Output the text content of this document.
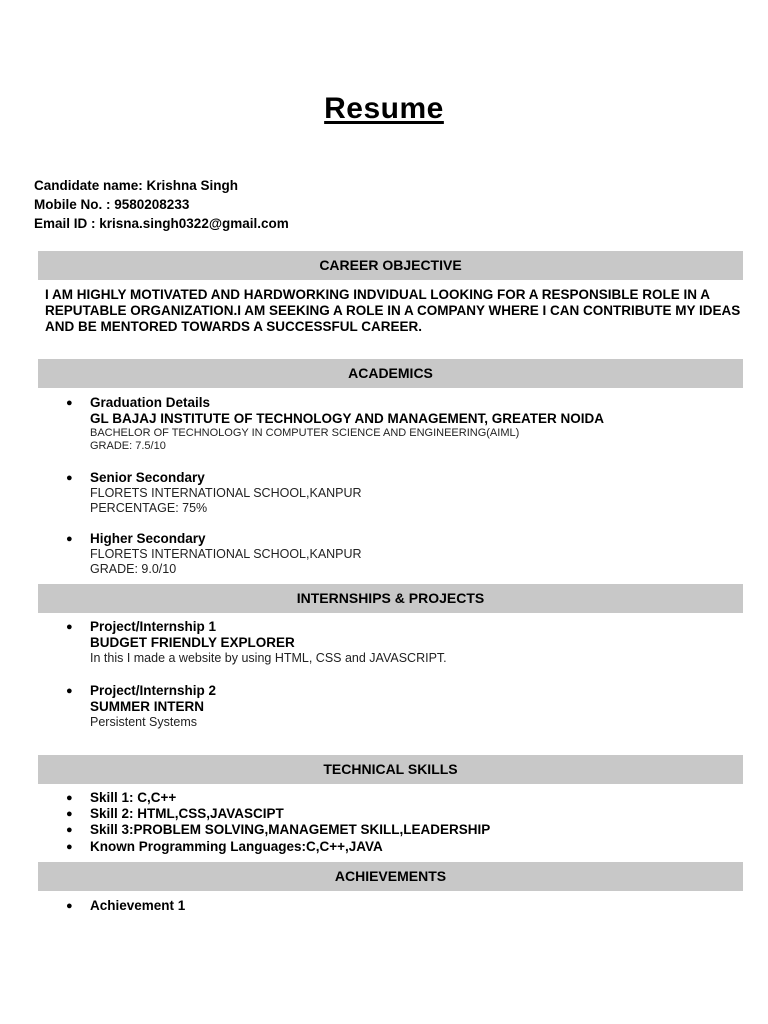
Resume
Candidate name: Krishna Singh
Mobile No. : 9580208233
Email ID : krisna.singh0322@gmail.com
CAREER OBJECTIVE
I AM HIGHLY MOTIVATED AND HARDWORKING INDVIDUAL LOOKING FOR A RESPONSIBLE ROLE IN A REPUTABLE ORGANIZATION.I AM SEEKING A ROLE IN A COMPANY WHERE I CAN CONTRIBUTE MY IDEAS AND BE MENTORED TOWARDS A SUCCESSFUL CAREER.
ACADEMICS
● Graduation Details
GL BAJAJ INSTITUTE OF TECHNOLOGY AND MANAGEMENT, GREATER NOIDA
BACHELOR OF TECHNOLOGY IN COMPUTER SCIENCE AND ENGINEERING(AIML)
GRADE: 7.5/10
● Senior Secondary
FLORETS INTERNATIONAL SCHOOL,KANPUR
PERCENTAGE: 75%
● Higher Secondary
FLORETS INTERNATIONAL SCHOOL,KANPUR
GRADE: 9.0/10
INTERNSHIPS & PROJECTS
● Project/Internship 1
BUDGET FRIENDLY EXPLORER
In this I made a website by using HTML, CSS and JAVASCRIPT.
● Project/Internship 2
SUMMER INTERN
Persistent Systems
TECHNICAL SKILLS
● Skill 1: C,C++
● Skill 2: HTML,CSS,JAVASCIPT
● Skill 3:PROBLEM SOLVING,MANAGEMET SKILL,LEADERSHIP
● Known Programming Languages:C,C++,JAVA
ACHIEVEMENTS
● Achievement 1
